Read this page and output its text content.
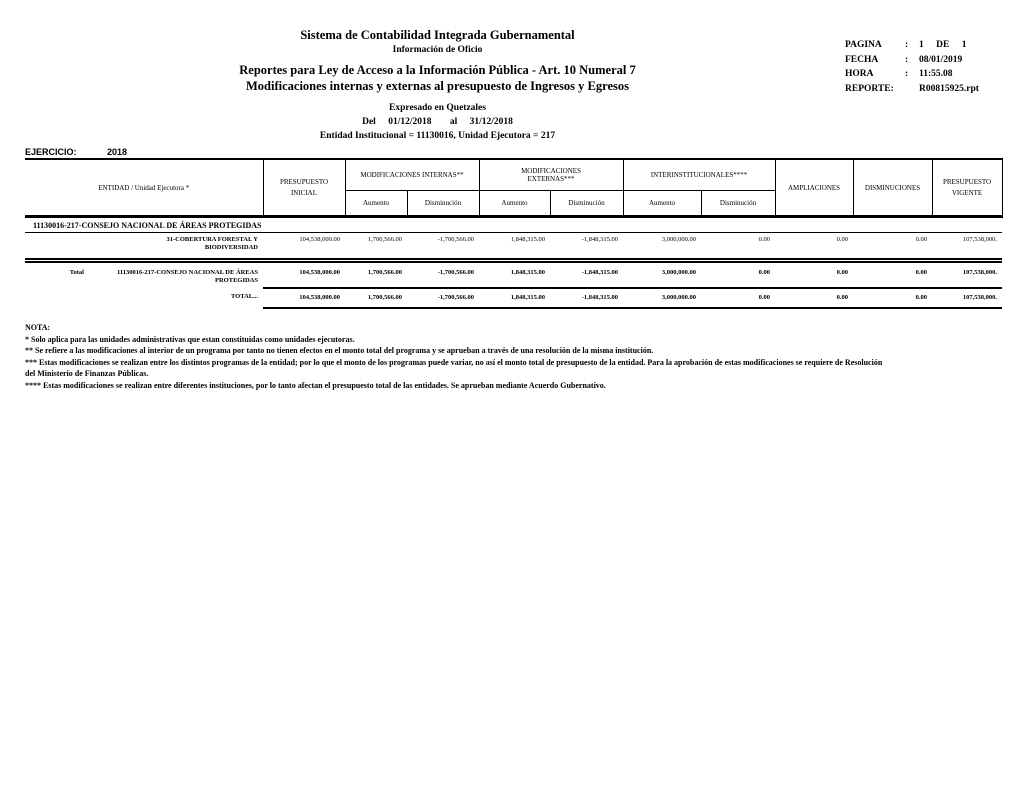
Sistema de Contabilidad Integrada Gubernamental
Información de Oficio
Reportes para Ley de Acceso a la Información Pública - Art. 10 Numeral 7
Modificaciones internas y externas al presupuesto de Ingresos y Egresos
Expresado en Quetzales
Del 01/12/2018 al 31/12/2018
Entidad Institucional = 11130016, Unidad Ejecutora = 217
PAGINA	:	1 DE 1
FECHA	:	08/01/2019
HORA	:	11:55.08
REPORTE:	R00815925.rpt
EJERCICIO:	2018
ENTIDAD / Unidad Ejecutora *	PRESUPUESTO INICIAL	MODIFICACIONES INTERNAS**		MODIFICACIONES EXTERNAS***		INTERINSTITUCIONALES****		AMPLIACIONES	DISMINUCIONES	PRESUPUESTO VIGENTE
		Aumento	Disminución	Aumento	Disminución	Aumento	Disminución			
11130016-217-CONSEJO NACIONAL DE ÁREAS PROTEGIDAS										
31-COBERTURA FORESTAL Y BIODIVERSIDAD	104,538,000.00	1,700,566.00	-1,700,566.00	1,848,315.00	-1,848,315.00	3,000,000.00	0.00	0.00	0.00	107,538,000.
Total 11130016-217-CONSEJO NACIONAL DE ÁREAS PROTEGIDAS	104,538,000.00	1,700,566.00	-1,700,566.00	1,848,315.00	-1,848,315.00	3,000,000.00	0.00	0.00	0.00	107,538,000.
TOTAL...	104,538,000.00	1,700,566.00	-1,700,566.00	1,848,315.00	-1,848,315.00	3,000,000.00	0.00	0.00	0.00	107,538,000.
NOTA:
* Solo aplica para las unidades administrativas que estan constituidas como unidades ejecutoras.
** Se refiere a las modificaciones al interior de un programa por tanto no tienen efectos en el monto total del programa y se aprueban a través de una resolución de la misma institución.
*** Estas modificaciones se realizan entre los distintos programas de la entidad; por lo que el monto de los programas puede variar, no así el monto total de presupuesto de la entidad. Para la aprobación de estas modificaciones se requiere de Resolución del Ministerio de Finanzas Públicas.
**** Estas modificaciones se realizan entre diferentes instituciones, por lo tanto afectan el presupuesto total de las entidades. Se aprueban mediante Acuerdo Gubernativo.
